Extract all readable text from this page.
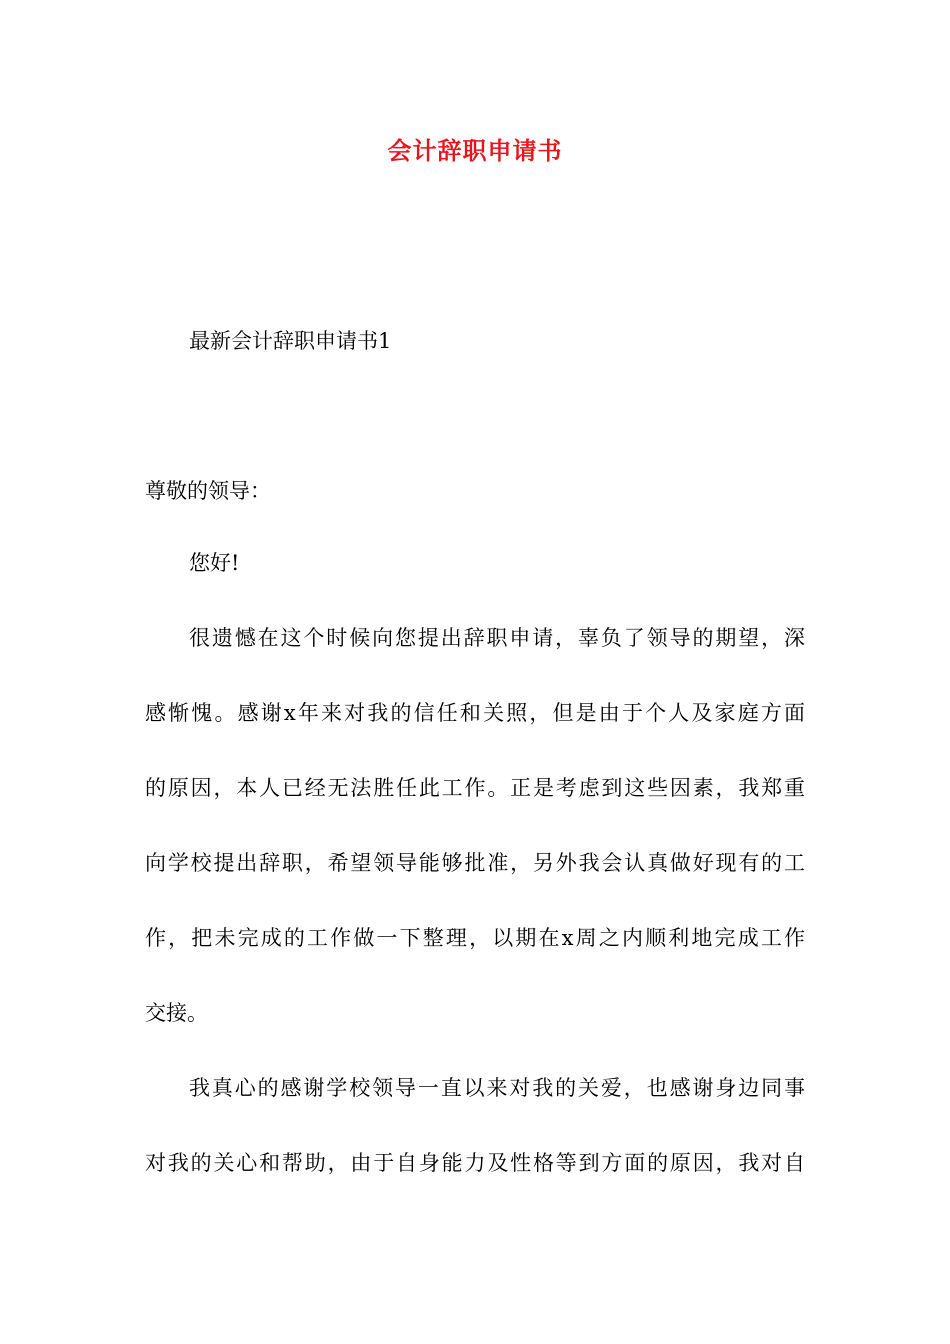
会计辞职申请书
最新会计辞职申请书1
尊敬的领导：
您好!
很遗憾在这个时候向您提出辞职申请，辜负了领导的期望，深
感惭愧。感谢x年来对我的信任和关照，但是由于个人及家庭方面
的原因，本人已经无法胜任此工作。正是考虑到这些因素，我郑重
向学校提出辞职，希望领导能够批准，另外我会认真做好现有的工
作，把未完成的工作做一下整理，以期在x周之内顺利地完成工作
交接。
我真心的感谢学校领导一直以来对我的关爱，也感谢身边同事
对我的关心和帮助，由于自身能力及性格等到方面的原因，我对自
